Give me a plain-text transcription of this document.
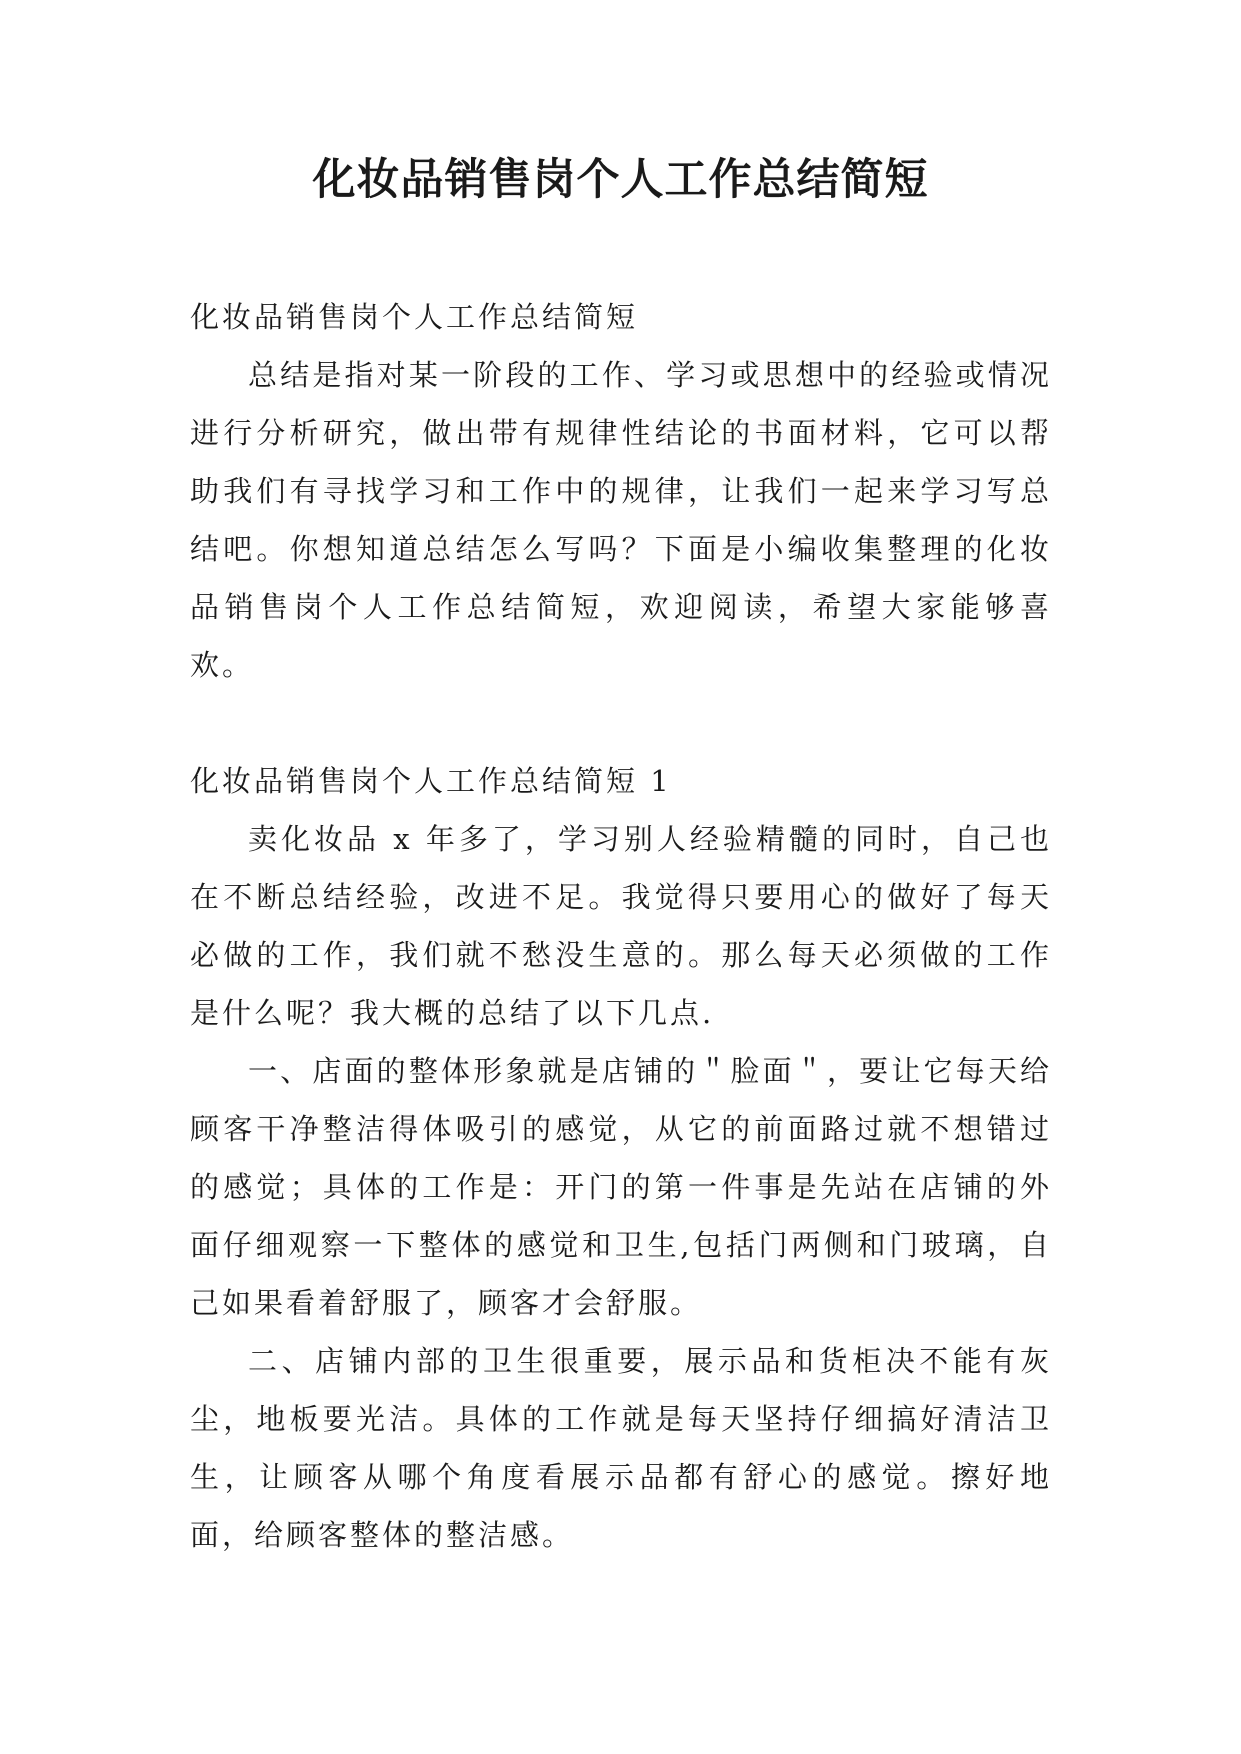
化妆品销售岗个人工作总结简短

化妆品销售岗个人工作总结简短

总结是指对某一阶段的工作、学习或思想中的经验或情况进行分析研究，做出带有规律性结论的书面材料，它可以帮助我们有寻找学习和工作中的规律，让我们一起来学习写总结吧。你想知道总结怎么写吗？下面是小编收集整理的化妆品销售岗个人工作总结简短，欢迎阅读，希望大家能够喜欢。

化妆品销售岗个人工作总结简短 1

卖化妆品 x 年多了，学习别人经验精髓的同时，自己也在不断总结经验，改进不足。我觉得只要用心的做好了每天必做的工作，我们就不愁没生意的。那么每天必须做的工作是什么呢？我大概的总结了以下几点.

一、店面的整体形象就是店铺的＂脸面＂，要让它每天给顾客干净整洁得体吸引的感觉，从它的前面路过就不想错过的感觉；具体的工作是：开门的第一件事是先站在店铺的外面仔细观察一下整体的感觉和卫生,包括门两侧和门玻璃，自己如果看着舒服了，顾客才会舒服。

二、店铺内部的卫生很重要，展示品和货柜决不能有灰尘，地板要光洁。具体的工作就是每天坚持仔细搞好清洁卫生，让顾客从哪个角度看展示品都有舒心的感觉。擦好地面，给顾客整体的整洁感。
